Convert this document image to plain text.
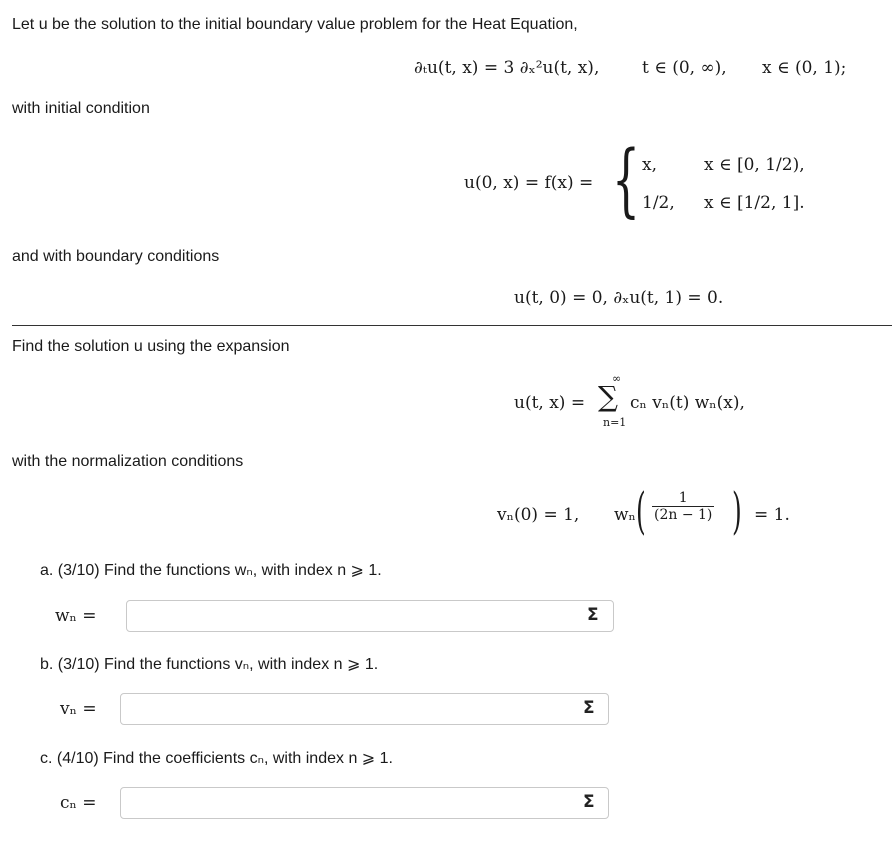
Let u be the solution to the initial boundary value problem for the Heat Equation,
∂ₜu(t, x) = 3 ∂ₓ²u(t, x),	t ∈ (0, ∞), x ∈ (0, 1);
with initial condition
u(0, x) = f(x) = { x,	x ∈ [0, 1/2),
1/2, x ∈ [1/2, 1].
and with boundary conditions
u(t, 0) = 0, ∂ₓu(t, 1) = 0.
Find the solution u using the expansion
u(t, x) =
∞
∑
n=1
cₙ vₙ(t) wₙ(x),
with the normalization conditions
vₙ(0) = 1, wₙ ( $\frac{1}{(2n - 1)}$ ) = 1.
a. (3/10) Find the functions wₙ, with index n ⩾ 1.
wₙ =	Σ
b. (3/10) Find the functions vₙ, with index n ⩾ 1.
vₙ =	Σ
c. (4/10) Find the coefficients cₙ, with index n ⩾ 1.
cₙ =	Σ
